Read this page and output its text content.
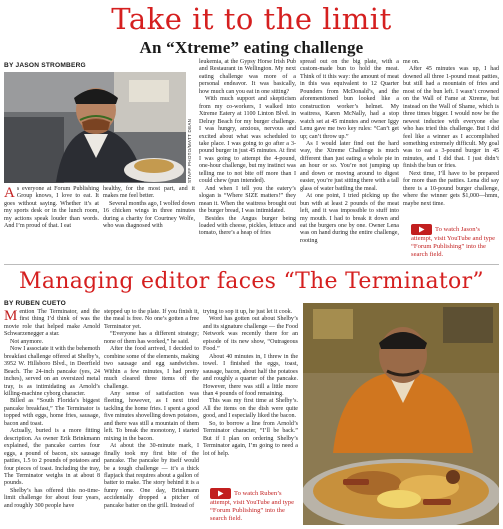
Take it to the limit
An “Xtreme” eating challenge
BY JASON STROMBERG
STAFF PHOTO/MATT DEAN

As everyone at Forum Publishing Group knows, I love to eat. It goes without saying. Whether it’s at my sports desk or in the lunch room, my actions speak louder than words. And I’m proud of that. I eat

healthy, for the most part, and it makes me feel better.

Several months ago, I wolfed down 16 chicken wings in three minutes during a charity for Courtney Wolfe, who was diagnosed with

leukemia, at the Gypsy Horse Irish Pub and Restaurant in Wellington. My next eating challenge was more of a personal endeavor. It was basically, how much can you eat in one sitting?

With much support and skepticism from my co-workers, I walked into Xtreme Eatery at 1100 Linton Blvd. in Delray Beach for my burger challenge. I was hungry, anxious, nervous and excited about what was scheduled to take place. I was going to go after a 3-pound burger in just 45 minutes. At first I was going to attempt the 4-pound, one-hour challenge, but my instinct was telling me to not bite off more than I could chew (pun intended).

And when I tell you the eatery’s slogan is “Where SIZE matters!” they mean it. When the waitress brought out the burger bread, I was intimidated.

Besides the Angus burger being loaded with cheese, pickles, lettuce and tomato, there’s a heap of fries

spread out on the big plate, with a custom-made bun to hold the meat. Think of it this way: the amount of meat in this was equivalent to 12 Quarter Pounders from McDonald’s, and the aforementioned bun looked like a construction worker’s helmet. My waitress, Karen McNally, had a stop watch set at 45 minutes and owner Iggy Lenu gave me two key rules: “Can’t get up; can’t throw up.”

As I would later find out the hard way, the Xtreme Challenge is much different than just eating a whole pie in an hour or so. You’re not jumping up and down or moving around to digest easier, you’re just sitting there with a tall glass of water battling the meal.

At one point, I tried picking up the bun with at least 2 pounds of the meat left, and it was impossible to stuff into my mouth. I had to break it down and eat the burgers one by one. Owner Lena was on hand during the entire challenge, rooting

me on.

After 45 minutes was up, I had downed all three 1-pound meat patties, but still had a mountain of fries and most of the bun left. I wasn’t crowned on the Wall of Fame at Xtreme, but instead on the Wall of Shame, which is three times bigger. I would now be the newest inductee with everyone else who has tried this challenge. But I did feel like a winner as I accomplished something extremely difficult. My goal was to eat a 3-pound burger in 45 minutes, and I did that. I just didn’t finish the bun or fries.

Next time, I’ll have to be prepared for more than the patties. Lena did say there is a 10-pound burger challenge, where the winner gets $1,000—hmm, maybe next time.

To watch Jason’s attempt, visit YouTube and type “Forum Publishing” into the search field.
Managing editor faces “The Terminator”
BY RUBEN CUETO

Mention The Terminator, and the first thing I’d think of was the movie role that helped make Arnold Schwarzenegger a star.

Not anymore.

Now I associate it with the behemoth breakfast challenge offered at Shelby’s, 3952 W. Hillsboro Blvd., in Deerfield Beach. The 24-inch pancake (yes, 24 inches), served on an oversized metal tray, is as intimidating as Arnold’s killing-machine cyborg character.

Billed as “South Florida’s biggest pancake breakfast,” The Terminator is topped with eggs, home fries, sausage, bacon and toast.

Actually, buried is a more fitting description. As owner Erik Brinkmann explained, the pancake carries four eggs, a pound of bacon, six sausage patties, 1.5 to 2 pounds of potatoes and four pieces of toast. Including the tray, The Terminator weighs in at about 8 pounds.

Shelby’s has offered this no-time-limit challenge for about four years, and roughly 300 people have

stepped up to the plate. If you finish it, the meal is free. No one’s gotten a free Terminator yet.

“Everyone has a different strategy; none of them has worked,” he said.

After the food arrived, I decided to combine some of the elements, making two sausage and egg sandwiches. Within a few minutes, I had pretty much cleared three items off the challenge.

Any sense of satisfaction was fleeting, however, as I next tried tackling the home fries. I spent a good five minutes shovelling down potatoes, and there was still a mountain of them left. To break the monotony, I started mixing in the bacon.

At about the 30-minute mark, I finally took my first bite of the pancake. The pancake by itself would be a tough challenge — it’s a thick flapjack that requires about a gallon of batter to make. The story behind it is a funny one. One day, Brinkmann accidentally dropped a pitcher of pancake batter on the grill. Instead of

trying to sop it up, he just let it cook.

Word has gotten out about Shelby’s and its signature challenge — the Food Network was recently there for an episode of its new show, “Outrageous Food.”

About 40 minutes in, I threw in the towel. I finished the eggs, toast, sausage, bacon, about half the potatoes and roughly a quarter of the pancake. However, there was still a little more than 4 pounds of food remaining.

This was my first time at Shelby’s. All the items on the dish were quite good, and I especially liked the bacon.

So, to borrow a line from Arnold’s Terminator character, “I’ll be back.” But if I plan on ordering Shelby’s Terminator again, I’m going to need a lot of help.

To watch Ruben’s attempt, visit YouTube and type “Forum Publishing” into the search field.
